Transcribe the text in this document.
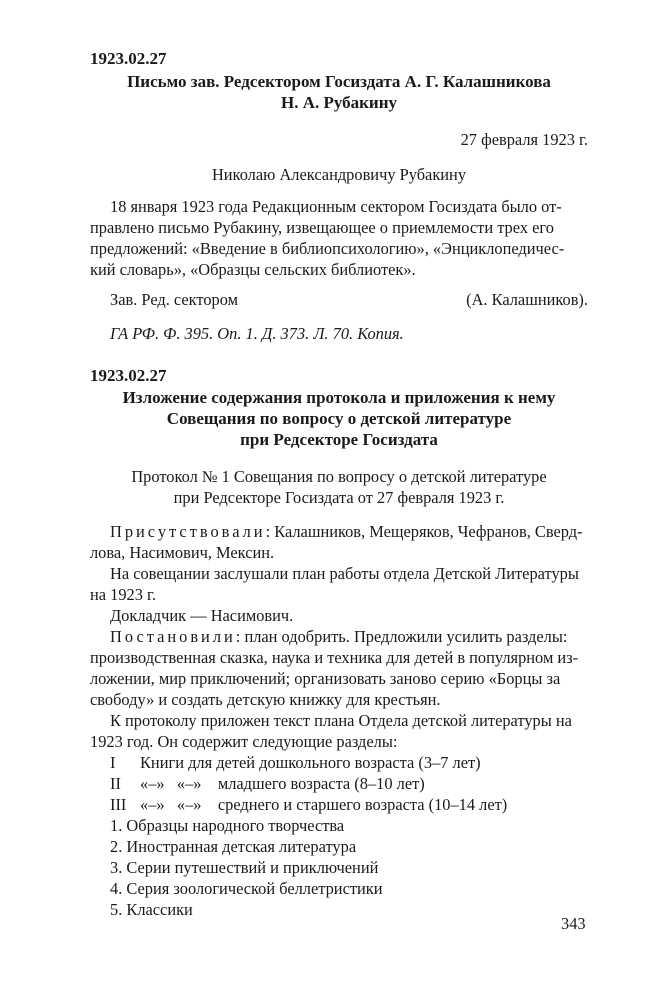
1923.02.27
Письмо зав. Редсектором Госиздата А. Г. Калашникова
Н. А. Рубакину
27 февраля 1923 г.
Николаю Александровичу Рубакину
18 января 1923 года Редакционным сектором Госиздата было от-
правлено письмо Рубакину, извещающее о приемлемости трех его
предложений: «Введение в библиопсихологию», «Энциклопедичес-
кий словарь», «Образцы сельских библиотек».
Зав. Ред. сектором	(А. Калашников).
ГА РФ. Ф. 395. Оп. 1. Д. 373. Л. 70. Копия.
1923.02.27
Изложение содержания протокола и приложения к нему
Совещания по вопросу о детской литературе
при Редсекторе Госиздата
Протокол № 1 Совещания по вопросу о детской литературе
при Редсекторе Госиздата от 27 февраля 1923 г.
Присутствовали: Калашников, Мещеряков, Чефранов, Сверд-
лова, Насимович, Мексин.
На совещании заслушали план работы отдела Детской Литературы
на 1923 г.
Докладчик — Насимович.
Постановили: план одобрить. Предложили усилить разделы:
производственная сказка, наука и техника для детей в популярном из-
ложении, мир приключений; организовать заново серию «Борцы за
свободу» и создать детскую книжку для крестьян.
К протоколу приложен текст плана Отдела детской литературы на
1923 год. Он содержит следующие разделы:
I Книги для детей дошкольного возраста (3–7 лет)
II «–»   «–»    младшего возраста (8–10 лет)
III «–»   «–»    среднего и старшего возраста (10–14 лет)
1. Образцы народного творчества
2. Иностранная детская литература
3. Серии путешествий и приключений
4. Серия зоологической беллетристики
5. Классики
343
